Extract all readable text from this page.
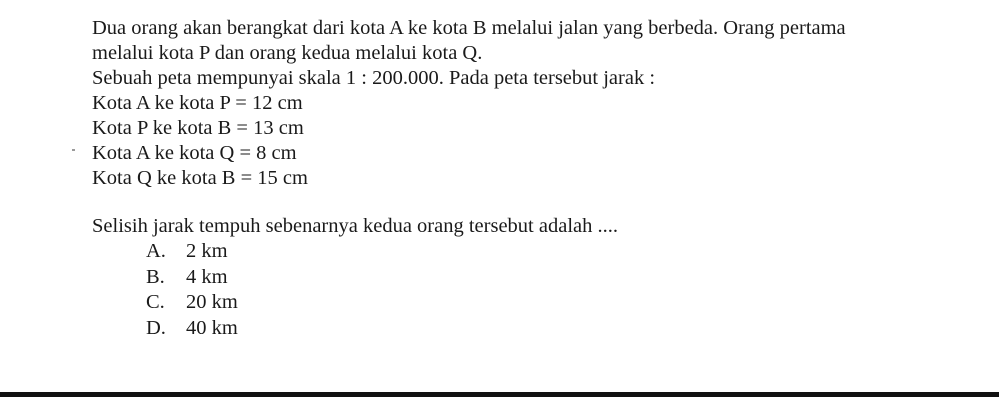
Dua orang akan berangkat dari kota A ke kota B melalui jalan yang berbeda. Orang pertama
melalui kota P dan orang kedua melalui kota Q.
Sebuah peta mempunyai skala 1 : 200.000. Pada peta tersebut jarak :
Kota A ke kota P = 12 cm
Kota P ke kota B = 13 cm
Kota A ke kota Q = 8 cm
Kota Q ke kota B = 15 cm
Selisih jarak tempuh sebenarnya kedua orang tersebut adalah ....
A. 2 km
B.	4 km
C.	20 km
D. 40 km
